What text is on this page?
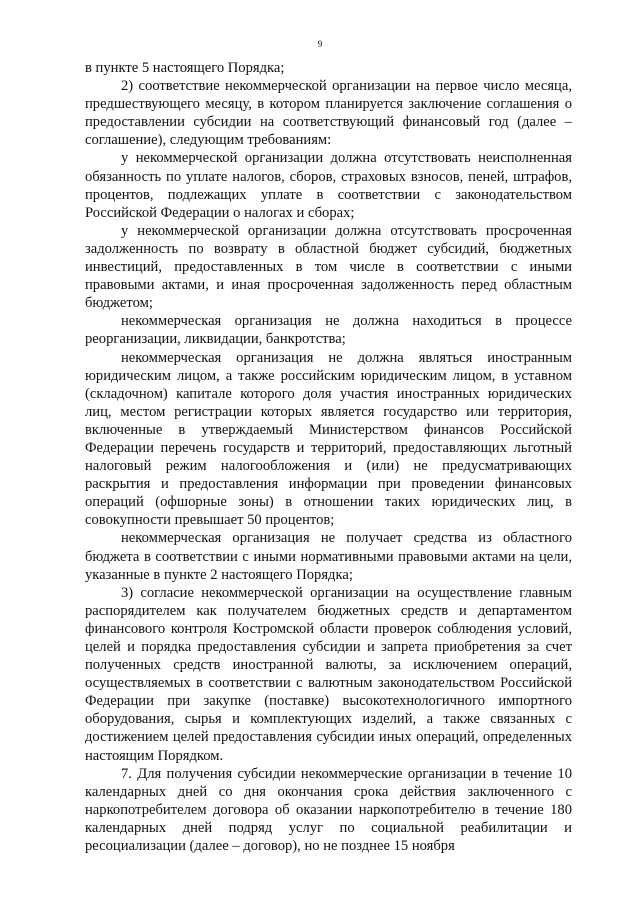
9

в пункте 5 настоящего Порядка;

2) соответствие некоммерческой организации на первое число месяца, предшествующего месяцу, в котором планируется заключение соглашения о предоставлении субсидии на соответствующий финансовый год (далее – соглашение), следующим требованиям:

у некоммерческой организации должна отсутствовать неисполненная обязанность по уплате налогов, сборов, страховых взносов, пеней, штрафов, процентов, подлежащих уплате в соответствии с законодательством Российской Федерации о налогах и сборах;

у некоммерческой организации должна отсутствовать просроченная задолженность по возврату в областной бюджет субсидий, бюджетных инвестиций, предоставленных в том числе в соответствии с иными правовыми актами, и иная просроченная задолженность перед областным бюджетом;

некоммерческая организация не должна находиться в процессе реорганизации, ликвидации, банкротства;

некоммерческая организация не должна являться иностранным юридическим лицом, а также российским юридическим лицом, в уставном (складочном) капитале которого доля участия иностранных юридических лиц, местом регистрации которых является государство или территория, включенные в утверждаемый Министерством финансов Российской Федерации перечень государств и территорий, предоставляющих льготный налоговый режим налогообложения и (или) не предусматривающих раскрытия и предоставления информации при проведении финансовых операций (офшорные зоны) в отношении таких юридических лиц, в совокупности превышает 50 процентов;

некоммерческая организация не получает средства из областного бюджета в соответствии с иными нормативными правовыми актами на цели, указанные в пункте 2 настоящего Порядка;

3) согласие некоммерческой организации на осуществление главным распорядителем как получателем бюджетных средств и департаментом финансового контроля Костромской области проверок соблюдения условий, целей и порядка предоставления субсидии и запрета приобретения за счет полученных средств иностранной валюты, за исключением операций, осуществляемых в соответствии с валютным законодательством Российской Федерации при закупке (поставке) высокотехнологичного импортного оборудования, сырья и комплектующих изделий, а также связанных с достижением целей предоставления субсидии иных операций, определенных настоящим Порядком.

7. Для получения субсидии некоммерческие организации в течение 10 календарных дней со дня окончания срока действия заключенного с наркопотребителем договора об оказании наркопотребителю в течение 180 календарных дней подряд услуг по социальной реабилитации и ресоциализации (далее – договор), но не позднее 15 ноября
